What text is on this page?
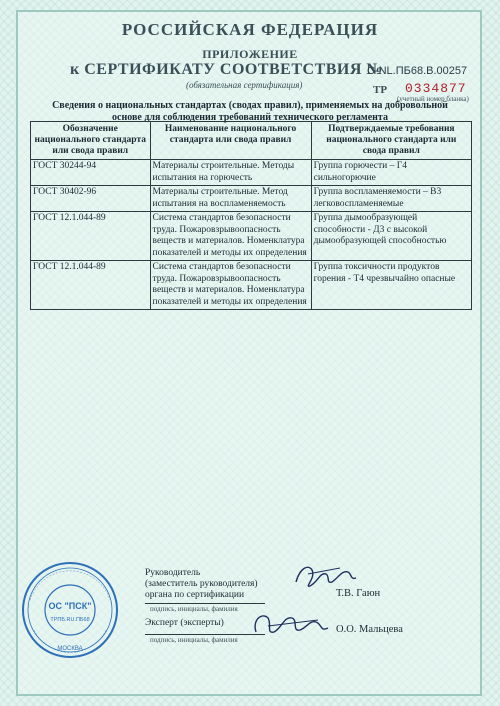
РОССИЙСКАЯ ФЕДЕРАЦИЯ
ПРИЛОЖЕНИЕ
к СЕРТИФИКАТУ СООТВЕТСТВИЯ №
C-NL.ПБ68.В.00257
(обязательная сертификация)	ТР 0334877
(учетный номер бланка)
Сведения о национальных стандартах (сводах правил), применяемых на добровольной основе для соблюдения требований технического регламента
Обозначение национального стандарта или свода правил	Наименование национального стандарта или свода правил	Подтверждаемые требования национального стандарта или свода правил
ГОСТ 30244-94	Материалы строительные. Методы испытания на горючесть	Группа горючести – Г4 сильногорючие
ГОСТ 30402-96	Материалы строительные. Метод испытания на воспламеняемость	Группа воспламеняемости – В3 легковоспламеняемые
ГОСТ 12.1.044-89	Система стандартов безопасности труда. Пожаровзрывоопасность веществ и материалов. Номенклатура показателей и методы их определения	Группа дымообразующей способности - Д3 с высокой дымообразующей способностью
ГОСТ 12.1.044-89	Система стандартов безопасности труда. Пожаровзрывоопасность веществ и материалов. Номенклатура показателей и методы их определения	Группа токсичности продуктов горения - Т4 чрезвычайно опасные
ОС "ПСК"
ТРПБ.RU.ПБ68
МОСКВА
Руководитель
(заместитель руководителя)
органа по сертификации
подпись, инициалы, фамилия
Т.В. Гаюн
Эксперт (эксперты)
подпись, инициалы, фамилия
О.О. Мальцева
